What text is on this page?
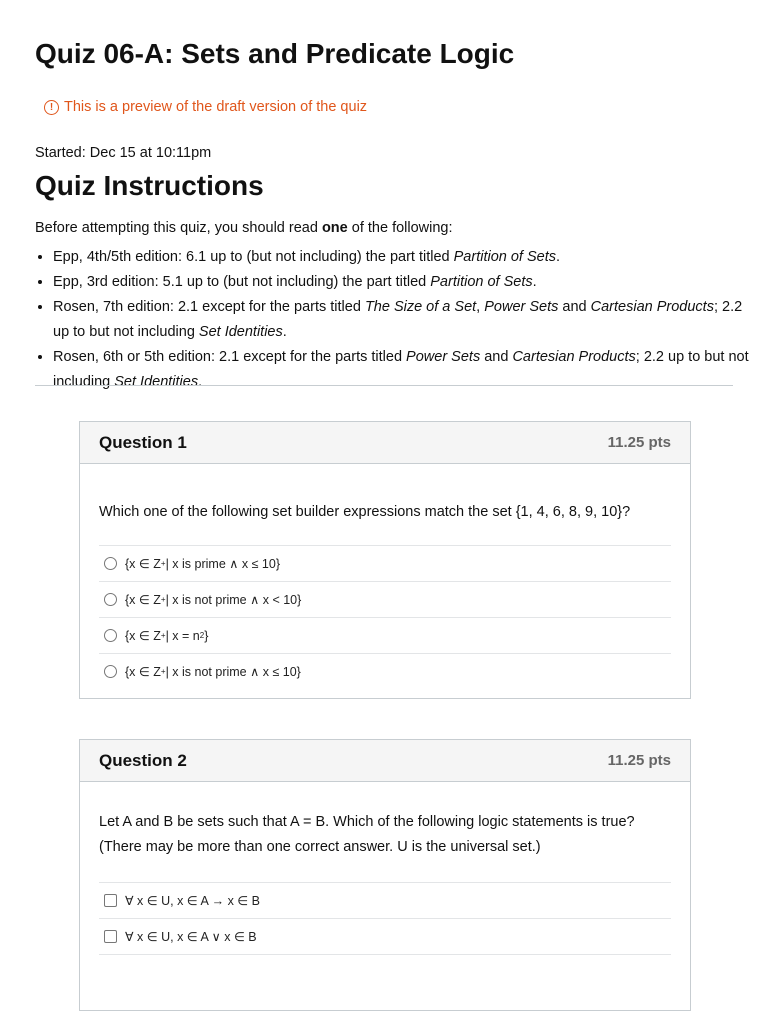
Quiz 06-A: Sets and Predicate Logic
! This is a preview of the draft version of the quiz
Started: Dec 15 at 10:11pm
Quiz Instructions
Before attempting this quiz, you should read one of the following:
• Epp, 4th/5th edition: 6.1 up to (but not including) the part titled Partition of Sets.
• Epp, 3rd edition: 5.1 up to (but not including) the part titled Partition of Sets.
• Rosen, 7th edition: 2.1 except for the parts titled The Size of a Set, Power Sets and Cartesian Products; 2.2 up to but not including Set Identities.
• Rosen, 6th or 5th edition: 2.1 except for the parts titled Power Sets and Cartesian Products; 2.2 up to but not including Set Identities.
Question 1	11.25 pts
Which one of the following set builder expressions match the set {1, 4, 6, 8, 9, 10}?
{x ∈ Z + | x is prime ∧ x ≤ 10}
{x ∈ Z + | x is not prime ∧ x < 10}
{x ∈ Z + | x = n 2 }
{x ∈ Z + | x is not prime ∧ x ≤ 10}
Question 2	11.25 pts
Let A and B be sets such that A = B. Which of the following logic statements is true? (There may be more than one correct answer. U is the universal set.)
∀ x ∈ U, x ∈ A → x ∈ B
∀ x ∈ U, x ∈ A ∨ x ∈ B
